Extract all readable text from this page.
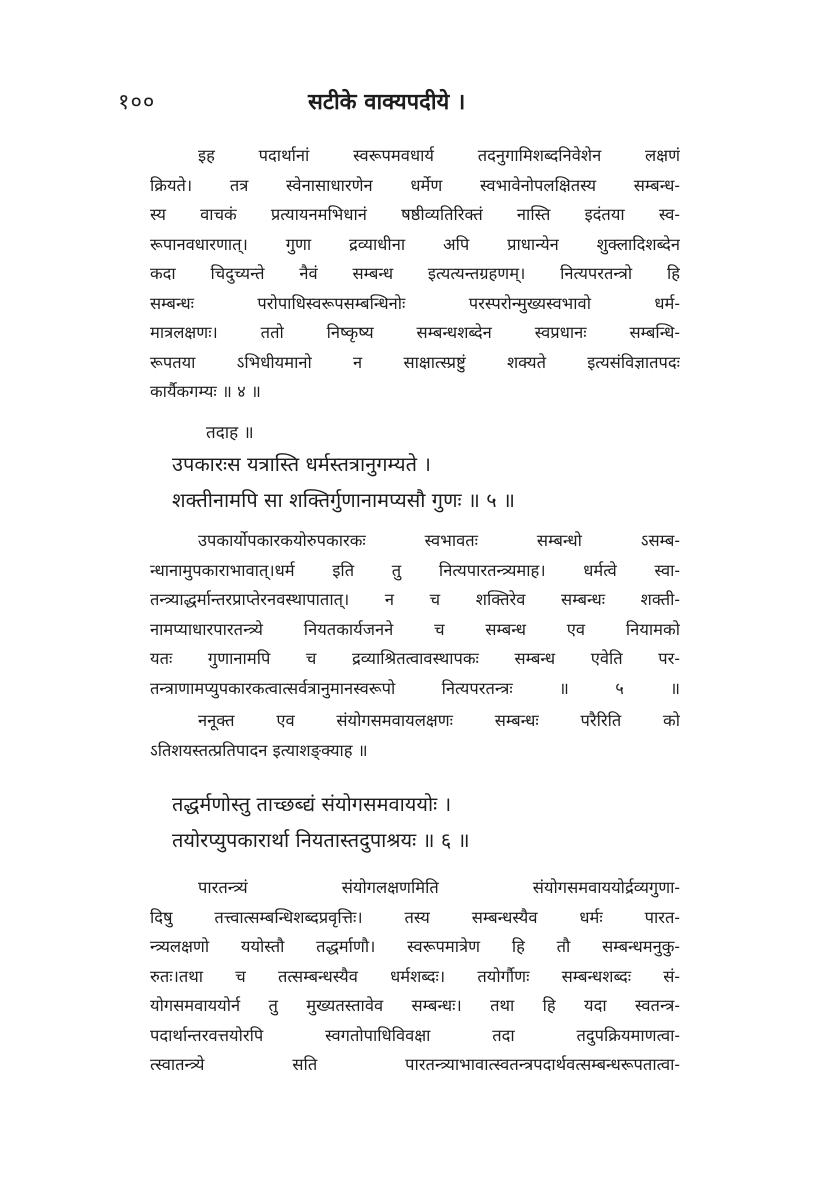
१००	सटीके वाक्यपदीये ।
इह पदार्थानां स्वरूपमवधार्य तदनुगामिशब्दनिवेशेन लक्षणं
क्रियते। तत्र स्वेनासाधारणेन धर्मेण स्वभावेनोपलक्षितस्य सम्बन्ध-
स्य वाचकं प्रत्यायनमभिधानं षष्ठीव्यतिरिक्तं नास्ति इदंतया स्व-
रूपानवधारणात्। गुणा द्रव्याधीना अपि प्राधान्येन शुक्लादिशब्देन
कदा चिदुच्यन्ते नैवं सम्बन्ध इत्यत्यन्तग्रहणम्। नित्यपरतन्त्रो हि
सम्बन्धः परोपाधिस्वरूपसम्बन्धिनोः परस्परोन्मुख्यस्वभावो धर्म-
मात्रलक्षणः। ततो निष्कृष्य सम्बन्धशब्देन स्वप्रधानः सम्बन्धि-
रूपतया ऽभिधीयमानो न साक्षात्स्प्रष्टुं शक्यते इत्यसंविज्ञातपदः
कार्यैकगम्यः ॥ ४ ॥
तदाह ॥
उपकारःस यत्रास्ति धर्मस्तत्रानुगम्यते ।
शक्तीनामपि सा शक्तिर्गुणानामप्यसौ गुणः ॥ ५ ॥
उपकार्योपकारकयोरुपकारकः स्वभावतः सम्बन्धो ऽसम्ब-
न्धानामुपकाराभावात्।धर्म इति तु नित्यपारतन्त्र्यमाह। धर्मत्वे स्वा-
तन्त्र्याद्धर्मान्तरप्राप्तेरनवस्थापातात्। न च शक्तिरेव सम्बन्धः शक्ती-
नामप्याधारपारतन्त्र्ये नियतकार्यजनने च सम्बन्ध एव नियामको
यतः गुणानामपि च द्रव्याश्रितत्वावस्थापकः सम्बन्ध एवेति पर-
तन्त्राणामप्युपकारकत्वात्सर्वत्रानुमानस्वरूपो नित्यपरतन्त्रः ॥ ५ ॥
ननूक्त एव संयोगसमवायलक्षणः सम्बन्धः परैरिति को
ऽतिशयस्तत्प्रतिपादन इत्याशङ्क्याह ॥
तद्धर्मणोस्तु ताच्छब्द्यं संयोगसमवाययोः ।
तयोरप्युपकारार्था नियतास्तदुपाश्रयः ॥ ६ ॥
पारतन्त्र्यं संयोगलक्षणमिति संयोगसमवाययोर्द्रव्यगुणा-
दिषु तत्त्वात्सम्बन्धिशब्दप्रवृत्तिः। तस्य सम्बन्धस्यैव धर्मः पारत-
न्त्र्यलक्षणो ययोस्तौ तद्धर्माणौ। स्वरूपमात्रेण हि तौ सम्बन्धमनुकु-
रुतः।तथा च तत्सम्बन्धस्यैव धर्मशब्दः। तयोर्गौणः सम्बन्धशब्दः सं-
योगसमवाययोर्न तु मुख्यतस्तावेव सम्बन्धः। तथा हि यदा स्वतन्त्र-
पदार्थान्तरवत्तयोरपि स्वगतोपाधिविवक्षा तदा तदुपक्रियमाणत्वा-
त्स्वातन्त्र्ये सति पारतन्त्र्याभावात्स्वतन्त्रपदार्थवत्सम्बन्धरूपतात्वा-
